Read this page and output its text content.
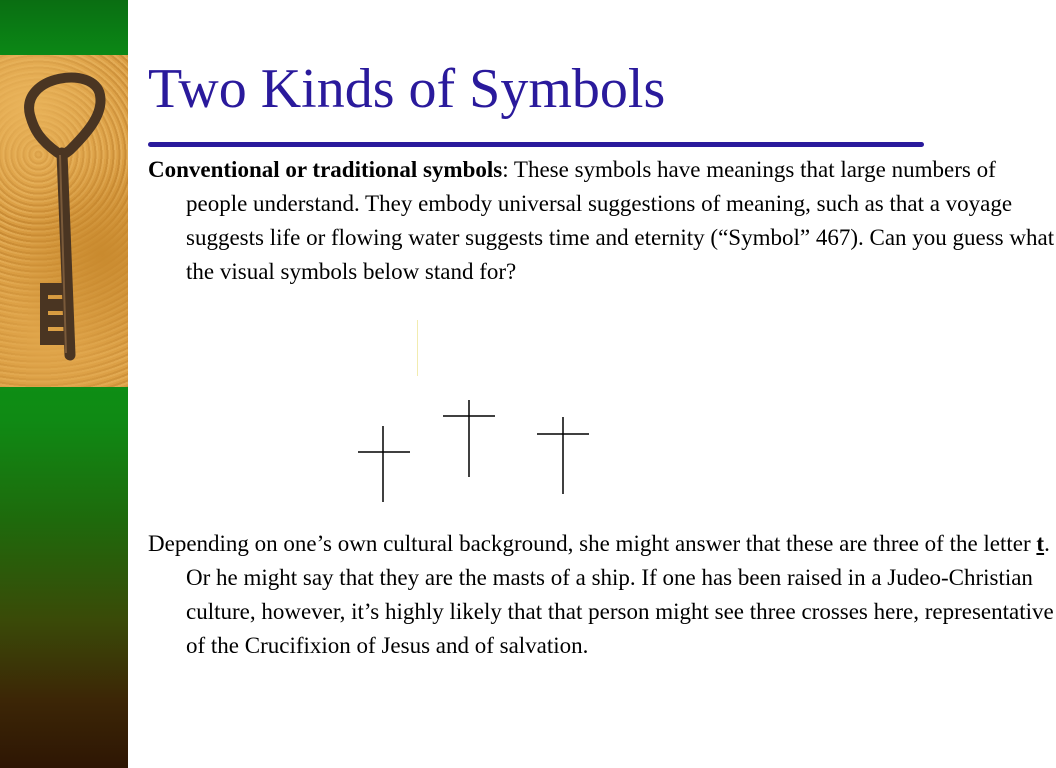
Two Kinds of Symbols

Conventional or traditional symbols: These symbols have meanings that large numbers of people understand. They embody universal suggestions of meaning, such as that a voyage suggests life or flowing water suggests time and eternity (“Symbol” 467). Can you guess what the visual symbols below stand for?

Depending on one’s own cultural background, she might answer that these are three of the letter t. Or he might say that they are the masts of a ship. If one has been raised in a Judeo-Christian culture, however, it’s highly likely that that person might see three crosses here, representative of the Crucifixion of Jesus and of salvation.
